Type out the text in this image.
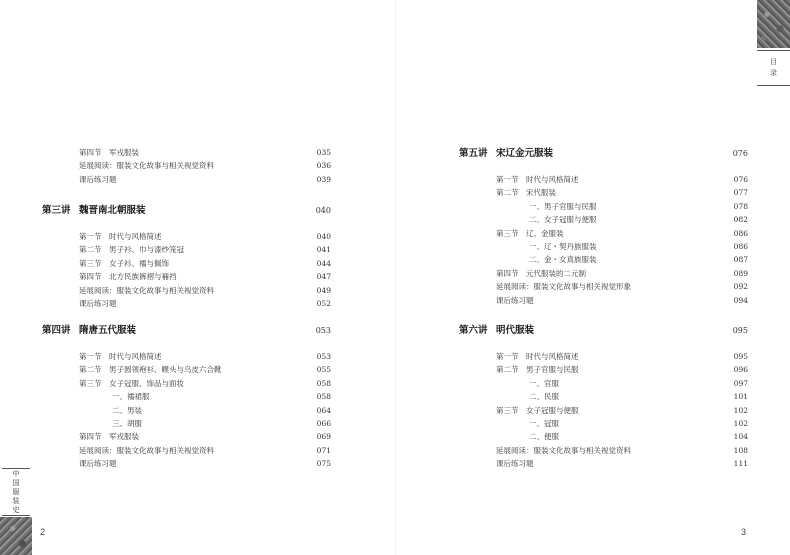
目
录
中
国
服
装
史
2	3
第四节 军戎服装	035
延展阅读：服装文化故事与相关视觉资料	036
课后练习题	039
第三讲 魏晋南北朝服装	040
第一节 时代与风格简述	040
第二节 男子衫、巾与漆纱笼冠	041
第三节 女子衫、襦与佩饰	044
第四节 北方民族裤褶与裲裆	047
延展阅读：服装文化故事与相关视觉资料	049
课后练习题	052
第四讲 隋唐五代服装	053
第一节 时代与风格简述	053
第二节 男子圆领袍衫、幞头与乌皮六合靴	055
第三节 女子冠服、饰品与面妆	058
一、襦裙服	058
二、男装	064
三、胡服	066
第四节 军戎服装	069
延展阅读：服装文化故事与相关视觉资料	071
课后练习题	075
第五讲 宋辽金元服装	076
第一节 时代与风格简述	076
第二节 宋代服装	077
一、男子官服与民服	078
二、女子冠服与便服	082
第三节 辽、金服装	086
一、辽・契丹族服装	086
二、金・女真族服装	087
第四节 元代服装的二元制	089
延展阅读：服装文化故事与相关视觉形象	092
课后练习题	094
第六讲 明代服装	095
第一节 时代与风格简述	095
第二节 男子官服与民服	096
一、官服	097
二、民服	101
第三节 女子冠服与便服	102
一、冠服	102
二、便服	104
延展阅读：服装文化故事与相关视觉资料	108
课后练习题	111
